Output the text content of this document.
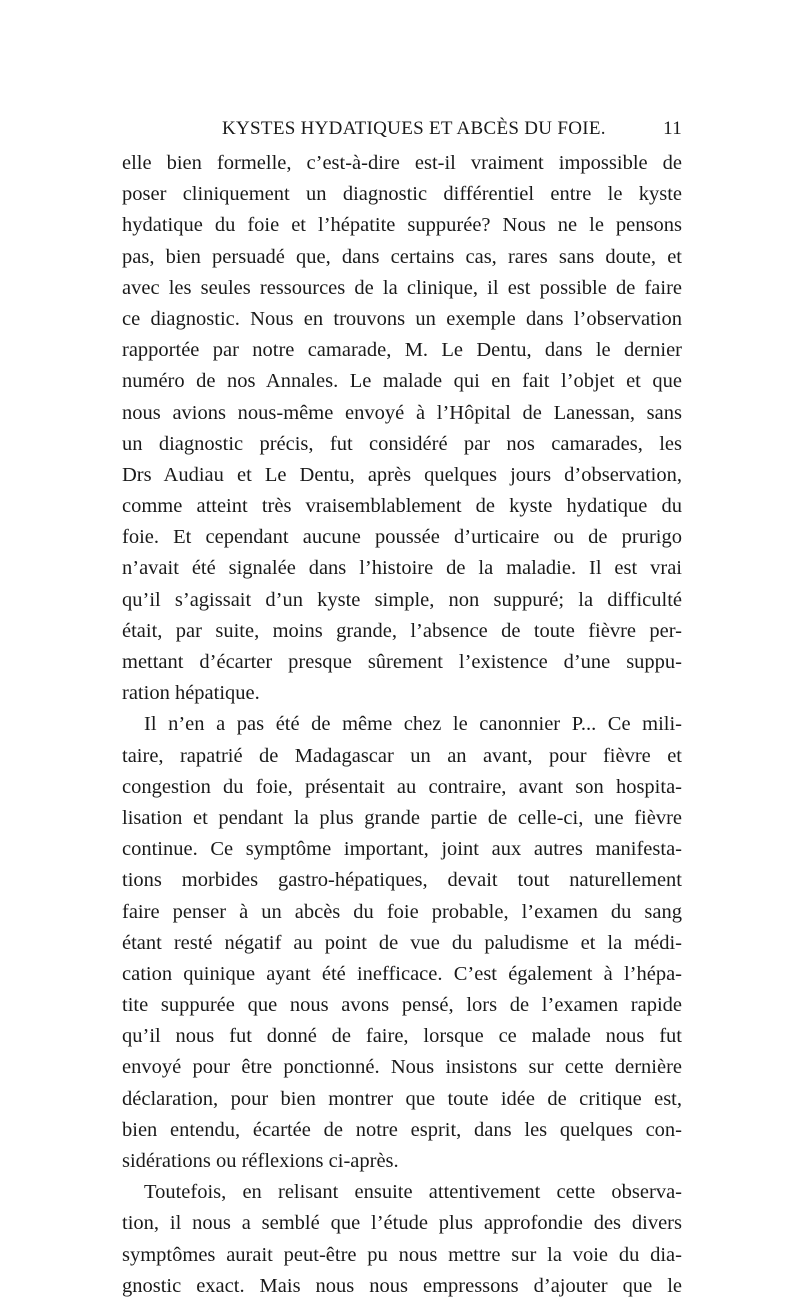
KYSTES HYDATIQUES ET ABCÈS DU FOIE.	11
elle bien formelle, c’est-à-dire est-il vraiment impossible de
poser cliniquement un diagnostic différentiel entre le kyste
hydatique du foie et l’hépatite suppurée? Nous ne le pensons
pas, bien persuadé que, dans certains cas, rares sans doute, et
avec les seules ressources de la clinique, il est possible de faire
ce diagnostic. Nous en trouvons un exemple dans l’observation
rapportée par notre camarade, M. Le Dentu, dans le dernier
numéro de nos Annales. Le malade qui en fait l’objet et que
nous avions nous-même envoyé à l’Hôpital de Lanessan, sans
un diagnostic précis, fut considéré par nos camarades, les
Drs Audiau et Le Dentu, après quelques jours d’observation,
comme atteint très vraisemblablement de kyste hydatique du
foie. Et cependant aucune poussée d’urticaire ou de prurigo
n’avait été signalée dans l’histoire de la maladie. Il est vrai
qu’il s’agissait d’un kyste simple, non suppuré; la difficulté
était, par suite, moins grande, l’absence de toute fièvre per-
mettant d’écarter presque sûrement l’existence d’une suppu-
ration hépatique.
Il n’en a pas été de même chez le canonnier P... Ce mili-
taire, rapatrié de Madagascar un an avant, pour fièvre et
congestion du foie, présentait au contraire, avant son hospita-
lisation et pendant la plus grande partie de celle-ci, une fièvre
continue. Ce symptôme important, joint aux autres manifesta-
tions morbides gastro-hépatiques, devait tout naturellement
faire penser à un abcès du foie probable, l’examen du sang
étant resté négatif au point de vue du paludisme et la médi-
cation quinique ayant été inefficace. C’est également à l’hépa-
tite suppurée que nous avons pensé, lors de l’examen rapide
qu’il nous fut donné de faire, lorsque ce malade nous fut
envoyé pour être ponctionné. Nous insistons sur cette dernière
déclaration, pour bien montrer que toute idée de critique est,
bien entendu, écartée de notre esprit, dans les quelques con-
sidérations ou réflexions ci-après.
Toutefois, en relisant ensuite attentivement cette observa-
tion, il nous a semblé que l’étude plus approfondie des divers
symptômes aurait peut-être pu nous mettre sur la voie du dia-
gnostic exact. Mais nous nous empressons d’ajouter que le
